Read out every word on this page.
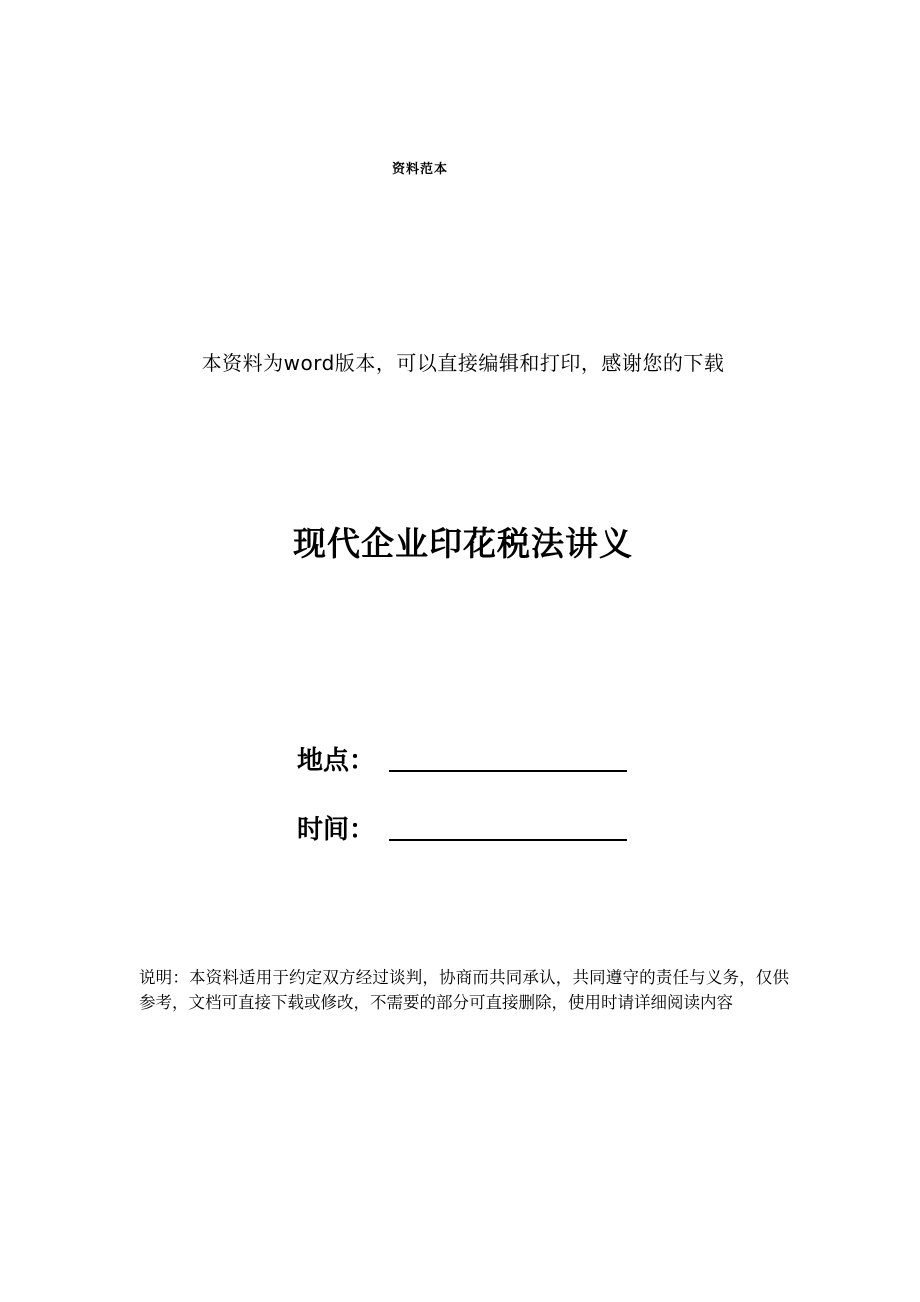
资料范本
本资料为word版本，可以直接编辑和打印，感谢您的下载
现代企业印花税法讲义
地点：
时间：
说明：本资料适用于约定双方经过谈判，协商而共同承认，共同遵守的责任与义务，仅供参考，文档可直接下载或修改，不需要的部分可直接删除，使用时请详细阅读内容
